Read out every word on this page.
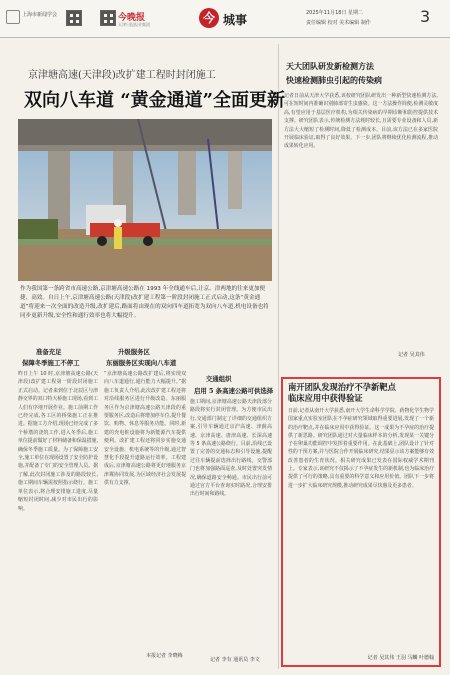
上海市新闻学会	今晚报
天津日报报业集团	今 城事	2025年11月18日 星期二
责任编辑 校对 美术编辑 制作	3
京津塘高速(天津段)改扩建工程时封闭施工
双向八车道 “黄金通道”全面更新
作为我国第一条跨省市高速公路,京津塘高速公路在 1993 年全线通车后,让京、津两地的往来更加便捷、高效。自日上午,京津塘高速公路(天津段)改扩建工程第一阶段封闭施工正式启动,这条“黄金通道”将迎来一次全面的改造升级,改扩建后,路面将由现在的双向四车道拓宽为双向八车道,机电设备也将同步更新升级,安全性和通行效率也将大幅提升。
准备充足
保障冬季施工不停工
昨日上午 10 时,京津塘高速公路(天津段)改扩建工程第一阶段封闭施工正式启动。记者来到位于北辰区与津静交界的双口特大桥施工现场,看到工人们有序地开展作业。施工前期工作已经完成,各工区的桥梁施工正在推进。据施工方介绍,现场已经完成了多个桥墩的浇筑工作,进入冬季后,施工单位提前做好了材料储备和保温措施,确保冬季施工质量。为了保障施工安全,施工单位在现场设置了安全防护设施,并配备了专门的安全管理人员。据了解,此次封闭施工涉及的路段较长,施工期间车辆需按照指示绕行。施工单位表示,将合理安排施工进度,尽量缩短封闭时间,减少对市民出行的影响。
升级服务区
东丽服务区实现向八车道
“京津塘高速公路改扩建后,将实现双向八车道通行,通行能力大幅提升。”据施工负责人介绍,此次改扩建工程还将对沿线服务区进行升级改造。东丽服务区作为京津塘高速公路天津段的重要服务区,改造后将增加停车位,提升餐饮、购物、休息等服务功能。同时,新建的充电桩设施将为新能源汽车提供便利。改扩建工程还将同步实施交通安全设施、机电系统等的升级,通过智慧化手段提升道路运行效率。工程建成后,京津塘高速公路将更好地服务京津冀协同发展,为区域经济社会发展提供有力支撑。
本报记者 李晓梅
交通组织
启用 5 条高速公路可供选择
施工期间,京津塘高速公路天津段部分路段将实行封闭管理。为方便市民出行,交通部门制定了详细的交通组织方案,引导车辆通过京沪高速、津蓟高速、京津高速、唐津高速、长深高速等 5 条高速公路绕行。目前,沿线已设置了完善的交通标志和引导设施,提醒过往车辆提前选择出行路线。交警部门也将加强路面巡查,及时处置突发情况,确保道路安全畅通。市民出行前可通过官方平台查询实时路况,合理安排出行时间和路线。
记者 李有 通讯员 李文
天大团队研发新检测方法
快速检测肺虫引起的传染病
记者日前从天津大学获悉,该校研究团队研发出一种新型快速检测方法,可在短时间内准确识别肺部寄生虫感染。这一方法操作简便,检测灵敏度高,有望应用于基层医疗机构,为相关传染病的早期诊断和防控提供技术支撑。研究团队表示,传统检测方法耗时较长,且需要专业设备和人员,新方法大大缩短了检测时间,降低了检测成本。目前,该方法已在多家医院开展临床验证,取得了良好效果。下一步,团队将继续优化检测流程,推动成果转化应用。
记者 吴其伟
南开团队发现治疗不孕新靶点
临床应用中获得验证
日前,记者从南开大学获悉,南开大学生命科学学院、药物化学生物学国家重点实验室团队在不孕症研究领域取得重要进展,发现了一个新的治疗靶点,并在临床应用中获得验证。这一成果为不孕症的治疗提供了新思路。研究团队通过对大量临床样本的分析,发现某一关键分子在卵巢功能调控中发挥着重要作用。在此基础上,团队设计了针对性的干预方案,并与医院合作开展临床研究,结果显示该方案能够有效改善患者的生育状况。相关研究成果已发表在国际权威学术期刊上。专家表示,该研究不仅揭示了不孕症发生的新机制,也为临床治疗提供了可行的策略,具有重要的科学意义和应用价值。团队下一步将进一步扩大临床研究规模,推动研究成果尽快惠及更多患者。
记者 吴其伟 王羽 马麟 叶德翰
